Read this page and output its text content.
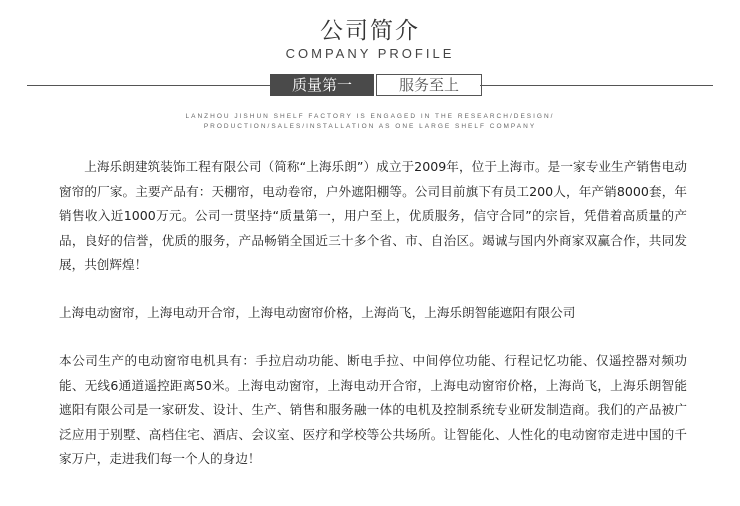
公司简介
COMPANY PROFILE
质量第一	服务至上
LANZHOU JISHUN SHELF FACTORY IS ENGAGED IN THE RESEARCH/DESIGN/
PRODUCTION/SALES/INSTALLATION AS ONE LARGE SHELF COMPANY
上海乐朗建筑装饰工程有限公司（简称“上海乐朗”）成立于2009年，位于上海市。是一家专业生产销售电动窗帘的厂家。主要产品有：天棚帘，电动卷帘，户外遮阳棚等。公司目前旗下有员工200人，年产销8000套，年销售收入近1000万元。公司一贯坚持“质量第一，用户至上，优质服务，信守合同”的宗旨，凭借着高质量的产品，良好的信誉，优质的服务，产品畅销全国近三十多个省、市、自治区。竭诚与国内外商家双赢合作，共同发展，共创辉煌！
上海电动窗帘，上海电动开合帘，上海电动窗帘价格，上海尚飞，上海乐朗智能遮阳有限公司
本公司生产的电动窗帘电机具有：手拉启动功能、断电手拉、中间停位功能、行程记忆功能、仅遥控器对频功能、无线6通道遥控距离50米。上海电动窗帘，上海电动开合帘，上海电动窗帘价格，上海尚飞，上海乐朗智能遮阳有限公司是一家研发、设计、生产、销售和服务融一体的电机及控制系统专业研发制造商。我们的产品被广泛应用于别墅、高档住宅、酒店、会议室、医疗和学校等公共场所。让智能化、人性化的电动窗帘走进中国的千家万户，走进我们每一个人的身边！
